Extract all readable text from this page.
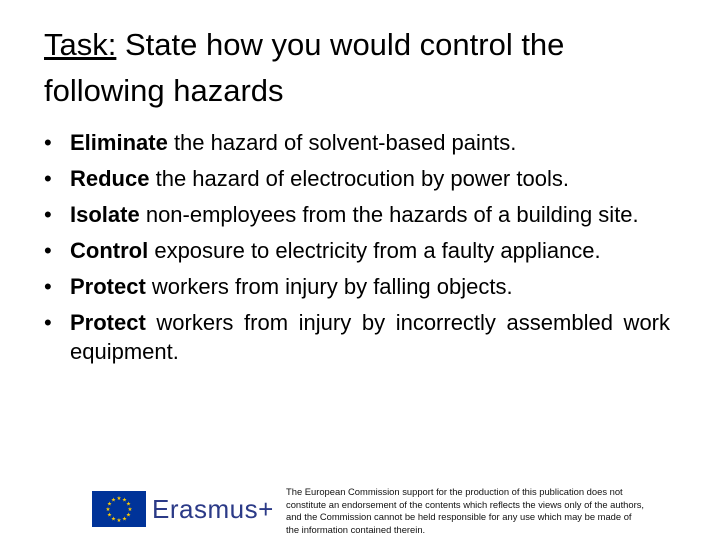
Task: State how you would control the following hazards
• Eliminate the hazard of solvent-based paints.
• Reduce the hazard of electrocution by power tools.
• Isolate non-employees from the hazards of a building site.
• Control exposure to electricity from a faulty appliance.
• Protect workers from injury by falling objects.
• Protect workers from injury by incorrectly assembled work equipment.
★ ★
★
★
★
★
★
★
★
★
★
★ Erasmus+
The European Commission support for the production of this publication does not constitute an endorsement of the contents which reflects the views only of the authors, and the Commission cannot be held responsible for any use which may be made of the information contained therein.
